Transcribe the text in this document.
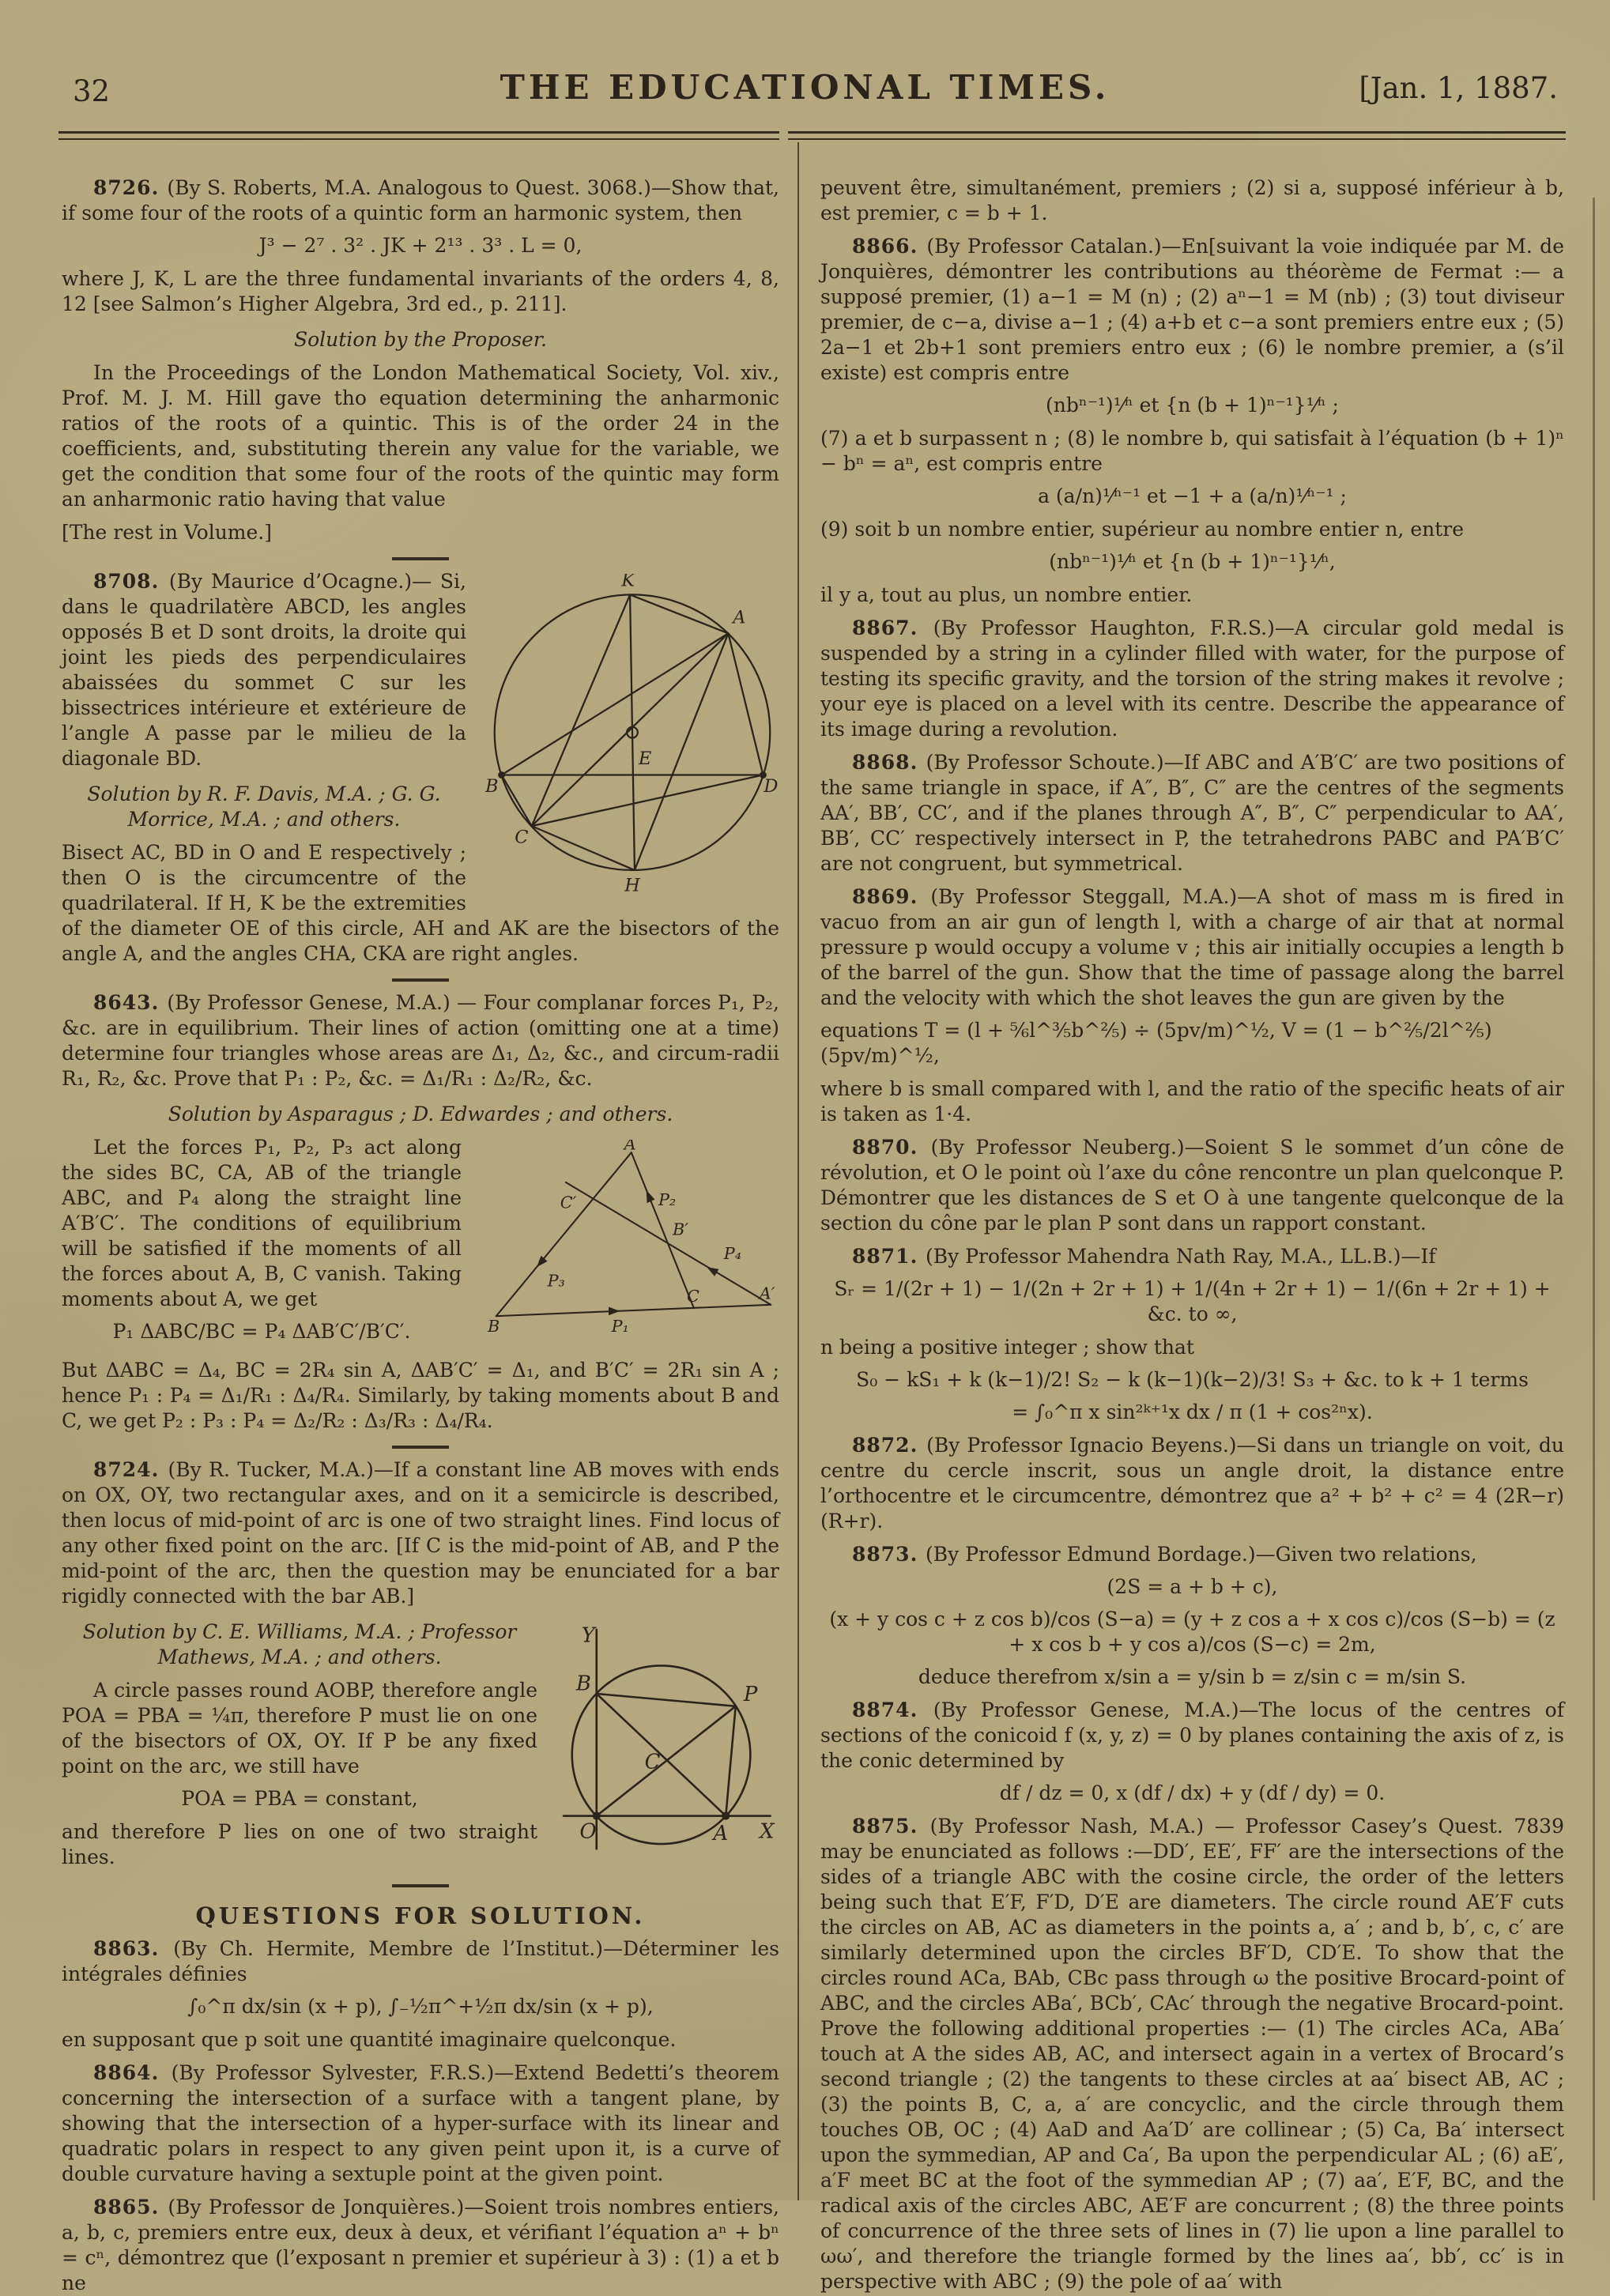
32	THE EDUCATIONAL TIMES.	[Jan. 1, 1887.
8726. (By S. Roberts, M.A. Analogous to Quest. 3068.)—Show that, if some four of the roots of a quintic form an harmonic system, then
J³ − 2⁷ . 3² . JK + 2¹³ . 3³ . L = 0,
where J, K, L are the three fundamental invariants of the orders 4, 8, 12 [see Salmon’s Higher Algebra, 3rd ed., p. 211].
Solution by the Proposer.
In the Proceedings of the London Mathematical Society, Vol. xiv., Prof. M. J. M. Hill gave tho equation determining the anharmonic ratios of the roots of a quintic. This is of the order 24 in the coefficients, and, substituting therein any value for the variable, we get the condition that some four of the roots of the quintic may form an anharmonic ratio having that value
[The rest in Volume.]
K
A
B	D
C
H
E
8708. (By Maurice d’Ocagne.)— Si, dans le quadrilatère ABCD, les angles opposés B et D sont droits, la droite qui joint les pieds des perpendiculaires abaissées du sommet C sur les bissectrices intérieure et extérieure de l’angle A passe par le milieu de la diagonale BD.
Solution by R. F. Davis, M.A. ; G. G. Morrice, M.A. ; and others.
Bisect AC, BD in O and E respectively ; then O is the circumcentre of the quadrilateral. If H, K be the extremities of the diameter OE of this circle, AH and AK are the bisectors of the angle A, and the angles CHA, CKA are right angles.
8643. (By Professor Genese, M.A.) — Four complanar forces P₁, P₂, &c. are in equilibrium. Their lines of action (omitting one at a time) determine four triangles whose areas are Δ₁, Δ₂, &c., and circum-radii R₁, R₂, &c. Prove that P₁ : P₂, &c. = Δ₁∕R₁ : Δ₂∕R₂, &c.
Solution by Asparagus ; D. Edwardes ; and others.
A
C′
B′
P₂
P₄
P₃
B	P₁
C	A′
Let the forces P₁, P₂, P₃ act along the sides BC, CA, AB of the triangle ABC, and P₄ along the straight line A′B′C′. The conditions of equilibrium will be satisfied if the moments of all the forces about A, B, C vanish. Taking moments about A, we get
P₁ ΔABC∕BC = P₄ ΔAB′C′∕B′C′.
But ΔABC = Δ₄, BC = 2R₄ sin A, ΔAB′C′ = Δ₁, and B′C′ = 2R₁ sin A ; hence P₁ : P₄ = Δ₁∕R₁ : Δ₄∕R₄. Similarly, by taking moments about B and C, we get P₂ : P₃ : P₄ = Δ₂∕R₂ : Δ₃∕R₃ : Δ₄∕R₄.
8724. (By R. Tucker, M.A.)—If a constant line AB moves with ends on OX, OY, two rectangular axes, and on it a semicircle is described, then locus of mid-point of arc is one of two straight lines. Find locus of any other fixed point on the arc. [If C is the mid-point of AB, and P the mid-point of the arc, then the question may be enunciated for a bar rigidly connected with the bar AB.]
Y
B	P
C
O	A X
Solution by C. E. Williams, M.A. ; Professor Mathews, M.A. ; and others.
A circle passes round AOBP, therefore angle POA = PBA = ¼π, therefore P must lie on one of the bisectors of OX, OY. If P be any fixed point on the arc, we still have
POA = PBA = constant,
and therefore P lies on one of two straight lines.
QUESTIONS FOR SOLUTION.
8863. (By Ch. Hermite, Membre de l’Institut.)—Déterminer les intégrales définies
∫₀^π dx∕sin (x + p), ∫₋½π^+½π dx∕sin (x + p),
en supposant que p soit une quantité imaginaire quelconque.
8864. (By Professor Sylvester, F.R.S.)—Extend Bedetti’s theorem concerning the intersection of a surface with a tangent plane, by showing that the intersection of a hyper-surface with its linear and quadratic polars in respect to any given peint upon it, is a curve of double curvature having a sextuple point at the given point.
8865. (By Professor de Jonquières.)—Soient trois nombres entiers, a, b, c, premiers entre eux, deux à deux, et vérifiant l’équation aⁿ + bⁿ = cⁿ, démontrez que (l’exposant n premier et supérieur à 3) : (1) a et b ne
peuvent être, simultanément, premiers ; (2) si a, supposé inférieur à b, est premier, c = b + 1.
8866. (By Professor Catalan.)—En[suivant la voie indiquée par M. de Jonquières, démontrer les contributions au théorème de Fermat :— a supposé premier, (1) a−1 = M (n) ; (2) aⁿ−1 = M (nb) ; (3) tout diviseur premier, de c−a, divise a−1 ; (4) a+b et c−a sont premiers entre eux ; (5) 2a−1 et 2b+1 sont premiers entro eux ; (6) le nombre premier, a (s’il existe) est compris entre
(nbⁿ⁻¹)¹⁄ⁿ et {n (b + 1)ⁿ⁻¹}¹⁄ⁿ ;
(7) a et b surpassent n ; (8) le nombre b, qui satisfait à l’équation (b + 1)ⁿ − bⁿ = aⁿ, est compris entre
a (a∕n)¹⁄ⁿ⁻¹ et −1 + a (a∕n)¹⁄ⁿ⁻¹ ;
(9) soit b un nombre entier, supérieur au nombre entier n, entre
(nbⁿ⁻¹)¹⁄ⁿ et {n (b + 1)ⁿ⁻¹}¹⁄ⁿ,
il y a, tout au plus, un nombre entier.
8867. (By Professor Haughton, F.R.S.)—A circular gold medal is suspended by a string in a cylinder filled with water, for the purpose of testing its specific gravity, and the torsion of the string makes it revolve ; your eye is placed on a level with its centre. Describe the appearance of its image during a revolution.
8868. (By Professor Schoute.)—If ABC and A′B′C′ are two positions of the same triangle in space, if A″, B″, C″ are the centres of the segments AA′, BB′, CC′, and if the planes through A″, B″, C″ perpendicular to AA′, BB′, CC′ respectively intersect in P, the tetrahedrons PABC and PA′B′C′ are not congruent, but symmetrical.
8869. (By Professor Steggall, M.A.)—A shot of mass m is fired in vacuo from an air gun of length l, with a charge of air that at normal pressure p would occupy a volume v ; this air initially occupies a length b of the barrel of the gun. Show that the time of passage along the barrel and the velocity with which the shot leaves the gun are given by the
equations T = (l + ⅚l^⅗b^⅖) ÷ (5pv∕m)^½, V = (1 − b^⅖∕2l^⅖)(5pv∕m)^½,
where b is small compared with l, and the ratio of the specific heats of air is taken as 1·4.
8870. (By Professor Neuberg.)—Soient S le sommet d’un cône de révolution, et O le point où l’axe du cône rencontre un plan quelconque P. Démontrer que les distances de S et O à une tangente quelconque de la section du cône par le plan P sont dans un rapport constant.
8871. (By Professor Mahendra Nath Ray, M.A., LL.B.)—If
Sᵣ = 1∕(2r + 1) − 1∕(2n + 2r + 1) + 1∕(4n + 2r + 1) − 1∕(6n + 2r + 1) + &c. to ∞,
n being a positive integer ; show that
S₀ − kS₁ + k (k−1)∕2! S₂ − k (k−1)(k−2)∕3! S₃ + &c. to k + 1 terms
= ∫₀^π x sin²ᵏ⁺¹x dx ∕ π (1 + cos²ⁿx).
8872. (By Professor Ignacio Beyens.)—Si dans un triangle on voit, du centre du cercle inscrit, sous un angle droit, la distance entre l’orthocentre et le circumcentre, démontrez que a² + b² + c² = 4 (2R−r)(R+r).
8873. (By Professor Edmund Bordage.)—Given two relations,
(2S = a + b + c),
(x + y cos c + z cos b)∕cos (S−a) = (y + z cos a + x cos c)∕cos (S−b) = (z + x cos b + y cos a)∕cos (S−c) = 2m,
deduce therefrom x∕sin a = y∕sin b = z∕sin c = m∕sin S.
8874. (By Professor Genese, M.A.)—The locus of the centres of sections of the conicoid f (x, y, z) = 0 by planes containing the axis of z, is the conic determined by
df ∕ dz = 0, x (df ∕ dx) + y (df ∕ dy) = 0.
8875. (By Professor Nash, M.A.) — Professor Casey’s Quest. 7839 may be enunciated as follows :—DD′, EE′, FF′ are the intersections of the sides of a triangle ABC with the cosine circle, the order of the letters being such that E′F, F′D, D′E are diameters. The circle round AE′F cuts the circles on AB, AC as diameters in the points a, a′ ; and b, b′, c, c′ are similarly determined upon the circles BF′D, CD′E. To show that the circles round ACa, BAb, CBc pass through ω the positive Brocard-point of ABC, and the circles ABa′, BCb′, CAc′ through the negative Brocard-point. Prove the following additional properties :— (1) The circles ACa, ABa′ touch at A the sides AB, AC, and intersect again in a vertex of Brocard’s second triangle ; (2) the tangents to these circles at aa′ bisect AB, AC ; (3) the points B, C, a, a′ are concyclic, and the circle through them touches OB, OC ; (4) AaD and Aa′D′ are collinear ; (5) Ca, Ba′ intersect upon the symmedian, AP and Ca′, Ba upon the perpendicular AL ; (6) aE′, a′F meet BC at the foot of the symmedian AP ; (7) aa′, E′F, BC, and the radical axis of the circles ABC, AE′F are concurrent ; (8) the three points of concurrence of the three sets of lines in (7) lie upon a line parallel to ωω′, and therefore the triangle formed by the lines aa′, bb′, cc′ is in perspective with ABC ; (9) the pole of aa′ with
